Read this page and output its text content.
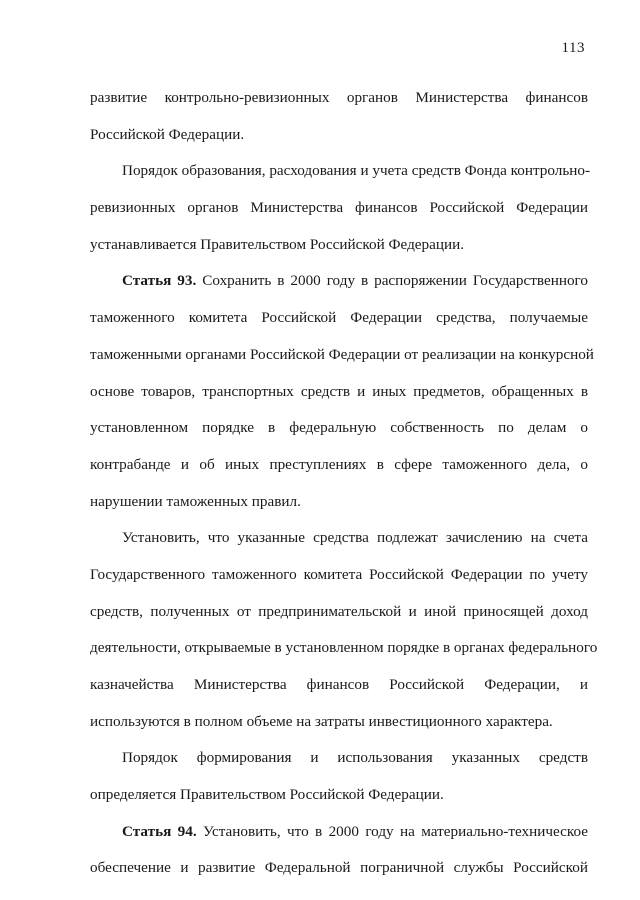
113
развитие контрольно-ревизионных органов Министерства финансов
Российской Федерации.
Порядок образования, расходования и учета средств Фонда контрольно-
ревизионных органов Министерства финансов Российской Федерации
устанавливается Правительством Российской Федерации.
Статья 93. Сохранить в 2000 году в распоряжении Государственного
таможенного комитета Российской Федерации средства, получаемые
таможенными органами Российской Федерации от реализации на конкурсной
основе товаров, транспортных средств и иных предметов, обращенных в
установленном порядке в федеральную собственность по делам о
контрабанде и об иных преступлениях в сфере таможенного дела, о
нарушении таможенных правил.
Установить, что указанные средства подлежат зачислению на счета
Государственного таможенного комитета Российской Федерации по учету
средств, полученных от предпринимательской и иной приносящей доход
деятельности, открываемые в установленном порядке в органах федерального
казначейства Министерства финансов Российской Федерации, и
используются в полном объеме на затраты инвестиционного характера.
Порядок формирования и использования указанных средств
определяется Правительством Российской Федерации.
Статья 94. Установить, что в 2000 году на материально-техническое
обеспечение и развитие Федеральной пограничной службы Российской
